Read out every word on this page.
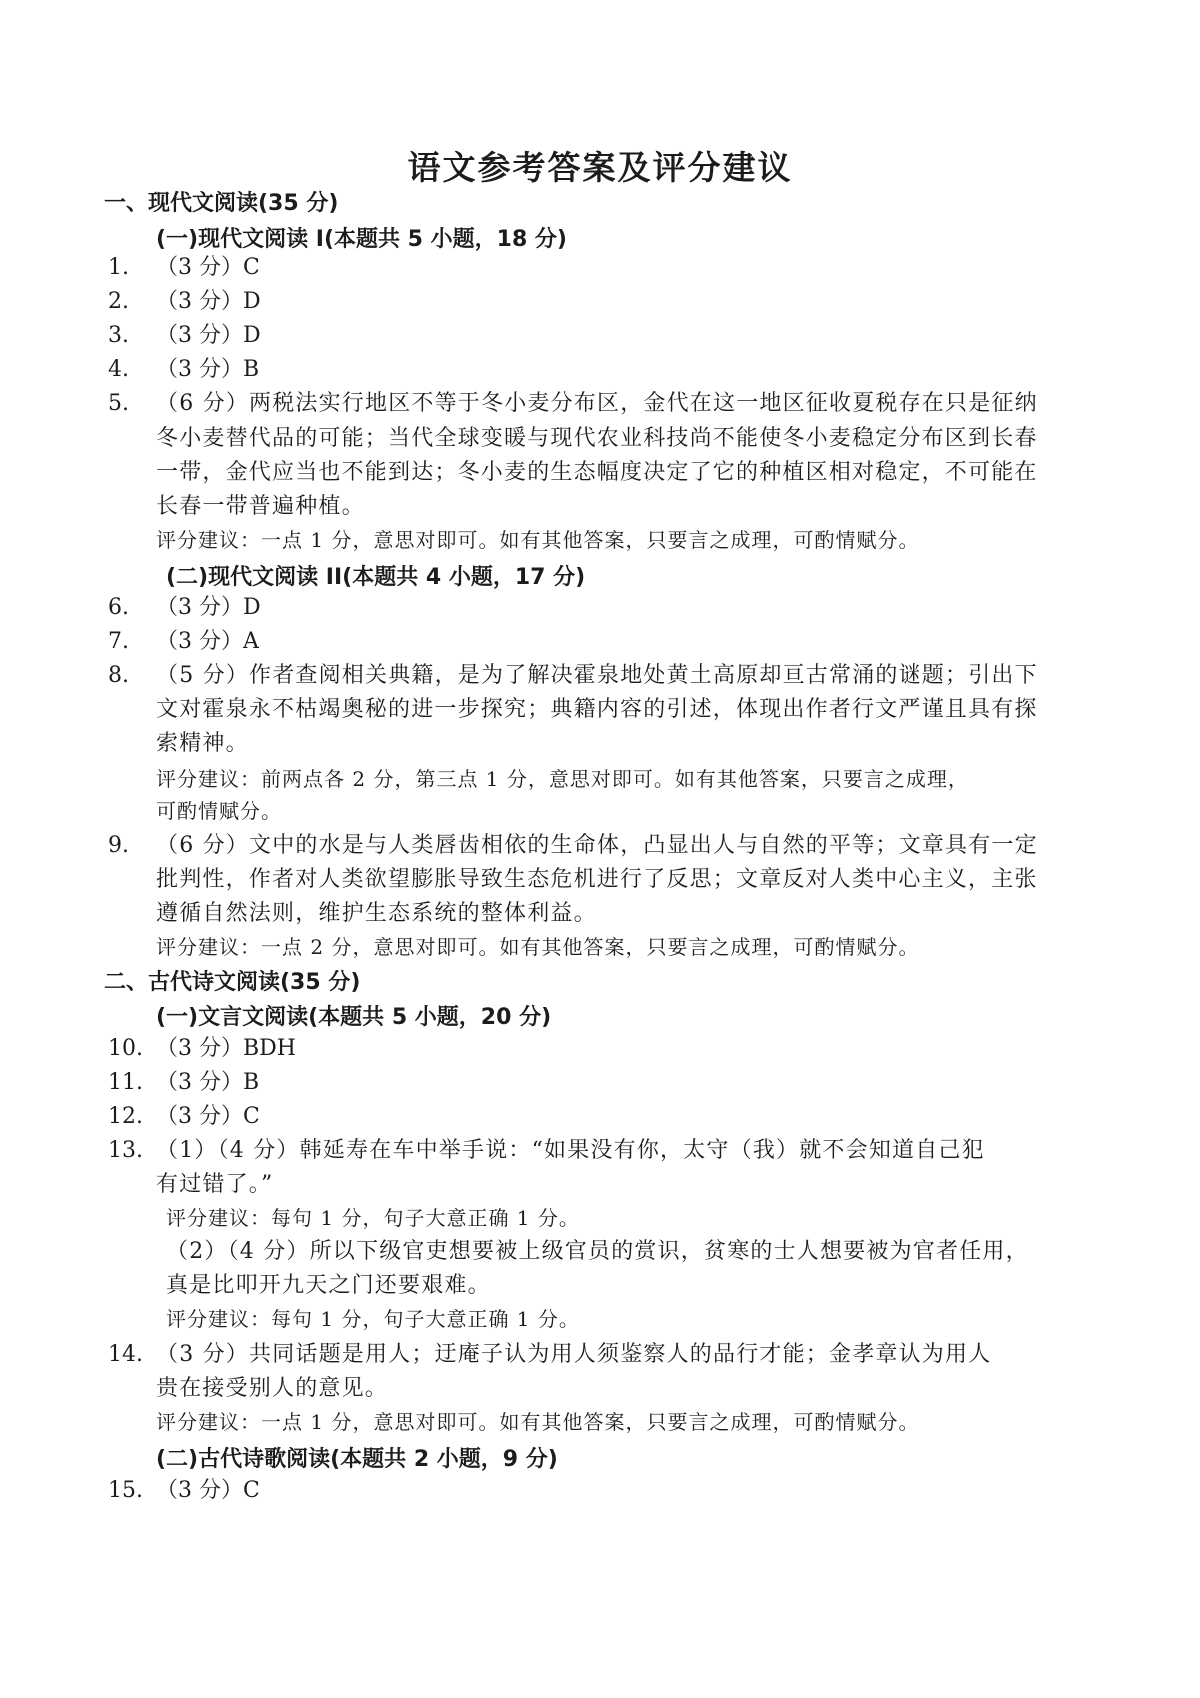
语文参考答案及评分建议
一、现代文阅读(35 分)
(一)现代文阅读 I(本题共 5 小题，18 分)
1. （3 分）C
2. （3 分）D
3. （3 分）D
4. （3 分）B
5. （6 分）两税法实行地区不等于冬小麦分布区，金代在这一地区征收夏税存在只是征纳
冬小麦替代品的可能；当代全球变暖与现代农业科技尚不能使冬小麦稳定分布区到长春
一带，金代应当也不能到达；冬小麦的生态幅度决定了它的种植区相对稳定，不可能在
长春一带普遍种植。
评分建议：一点 1 分，意思对即可。如有其他答案，只要言之成理，可酌情赋分。
(二)现代文阅读 II(本题共 4 小题，17 分)
6. （3 分）D
7. （3 分）A
8. （5 分）作者查阅相关典籍，是为了解决霍泉地处黄土高原却亘古常涌的谜题；引出下
文对霍泉永不枯竭奥秘的进一步探究；典籍内容的引述，体现出作者行文严谨且具有探
索精神。
评分建议：前两点各 2 分，第三点 1 分，意思对即可。如有其他答案，只要言之成理，
可酌情赋分。
9. （6 分）文中的水是与人类唇齿相依的生命体，凸显出人与自然的平等；文章具有一定
批判性，作者对人类欲望膨胀导致生态危机进行了反思；文章反对人类中心主义，主张
遵循自然法则，维护生态系统的整体利益。
评分建议：一点 2 分，意思对即可。如有其他答案，只要言之成理，可酌情赋分。
二、古代诗文阅读(35 分)
(一)文言文阅读(本题共 5 小题，20 分)
10. （3 分）BDH
11. （3 分）B
12. （3 分）C
13. （1）（4 分）韩延寿在车中举手说：“如果没有你，太守（我）就不会知道自己犯
有过错了。”
评分建议：每句 1 分，句子大意正确 1 分。
（2）（4 分）所以下级官吏想要被上级官员的赏识，贫寒的士人想要被为官者任用，
真是比叩开九天之门还要艰难。
评分建议：每句 1 分，句子大意正确 1 分。
14. （3 分）共同话题是用人；迂庵子认为用人须鉴察人的品行才能；金孝章认为用人
贵在接受别人的意见。
评分建议：一点 1 分，意思对即可。如有其他答案，只要言之成理，可酌情赋分。
(二)古代诗歌阅读(本题共 2 小题，9 分)
15. （3 分）C
